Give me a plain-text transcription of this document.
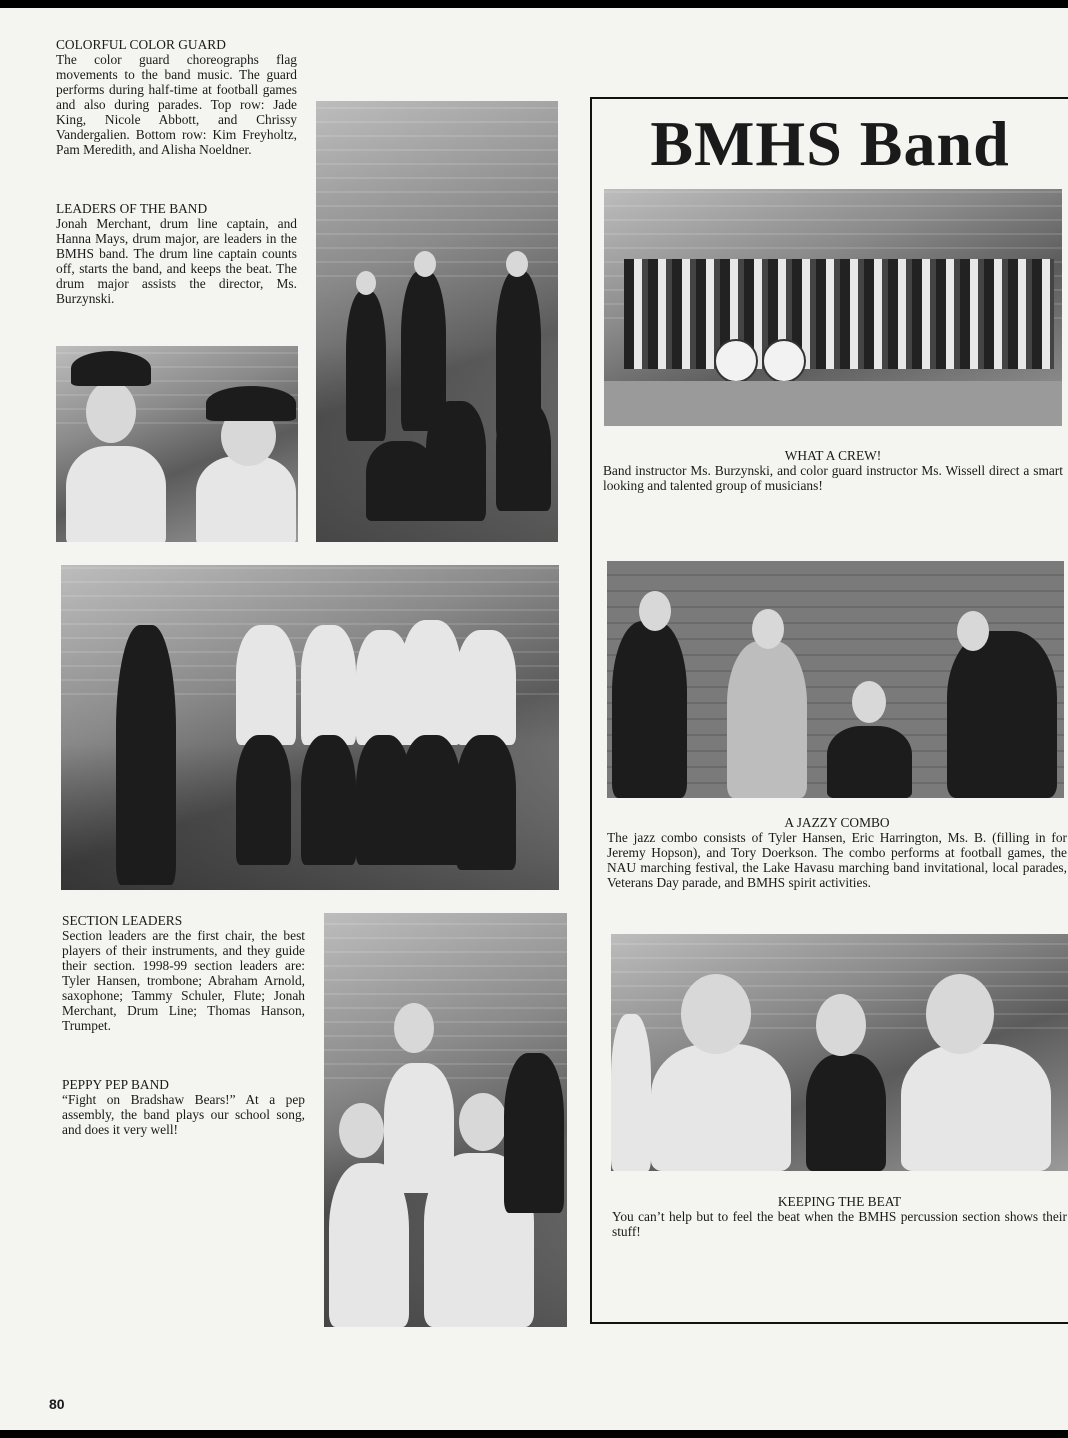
COLORFUL COLOR GUARD

The color guard choreographs flag movements to the band music. The guard performs during half-time at football games and also during parades. Top row: Jade King, Nicole Abbott, and Chrissy Vandergalien. Bottom row: Kim Freyholtz, Pam Meredith, and Alisha Noeldner.

LEADERS OF THE BAND

Jonah Merchant, drum line captain, and Hanna Mays, drum major, are leaders in the BMHS band. The drum line captain counts off, starts the band, and keeps the beat. The drum major assists the director, Ms. Burzynski.

SECTION LEADERS

Section leaders are the first chair, the best players of their instruments, and they guide their section. 1998-99 section leaders are: Tyler Hansen, trombone; Abraham Arnold, saxophone; Tammy Schuler, Flute; Jonah Merchant, Drum Line; Thomas Hanson, Trumpet.

PEPPY PEP BAND

“Fight on Bradshaw Bears!” At a pep assembly, the band plays our school song, and does it very well!

BMHS Band
WHAT A CREW!

Band instructor Ms. Burzynski, and color guard instructor Ms. Wissell direct a smart looking and talented group of musicians!

A JAZZY COMBO

The jazz combo consists of Tyler Hansen, Eric Harrington, Ms. B. (filling in for Jeremy Hopson), and Tory Doerkson. The combo performs at football games, the NAU marching festival, the Lake Havasu marching band invitational, local parades, Veterans Day parade, and BMHS spirit activities.

KEEPING THE BEAT

You can’t help but to feel the beat when the BMHS percussion section shows their stuff!

80
